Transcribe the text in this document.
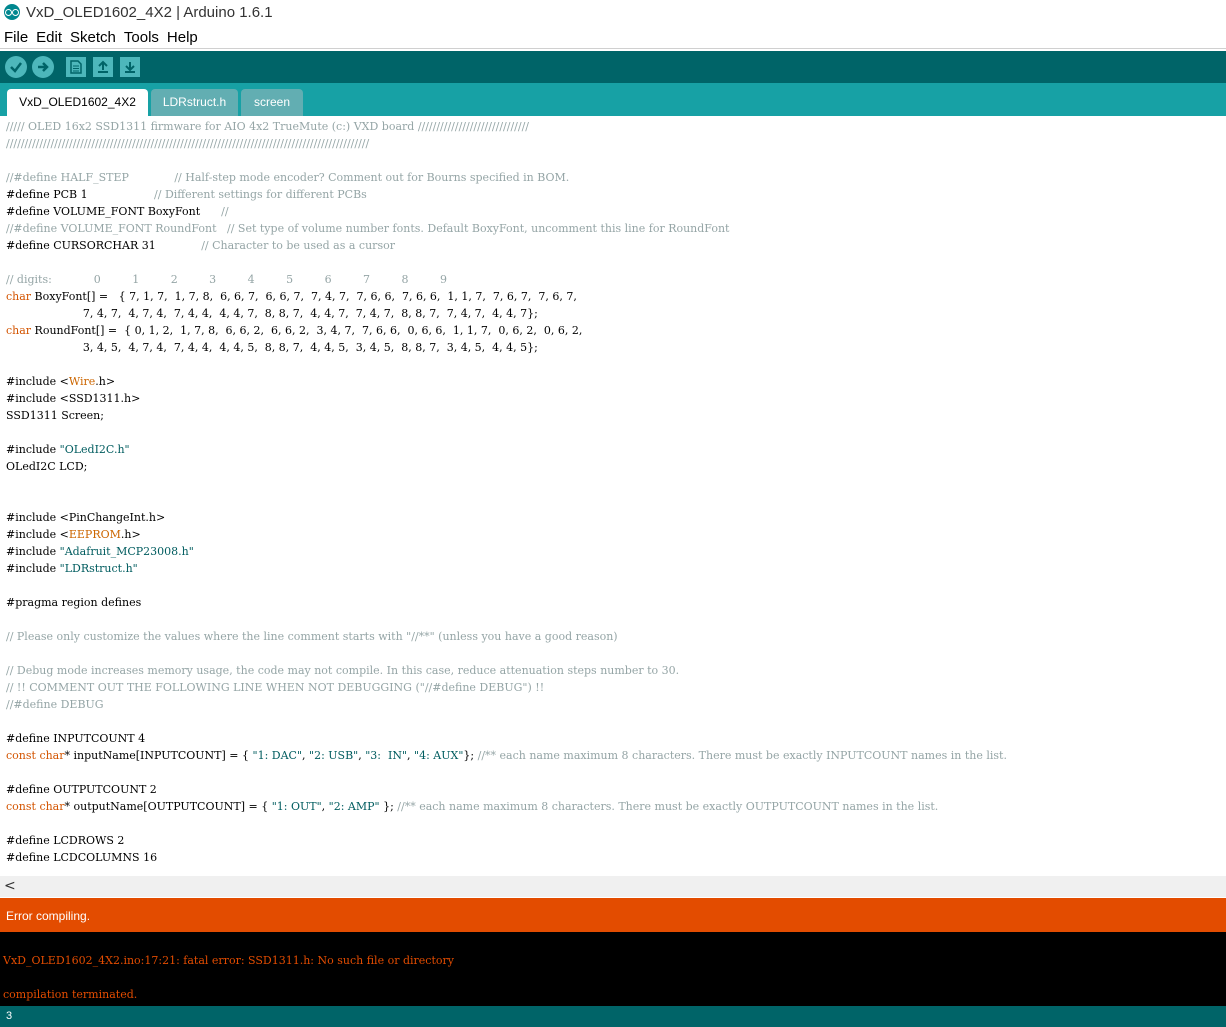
VxD_OLED1602_4X2 | Arduino 1.6.1
File Edit Sketch Tools Help
VxD_OLED1602_4X2	LDRstruct.h	screen
///// OLED 16x2 SSD1311 firmware for AIO 4x2 TrueMute (c:) VXD board //////////////////////////////
//////////////////////////////////////////////////////////////////////////////////////////////////
//#define HALF_STEP             // Half-step mode encoder? Comment out for Bourns specified in BOM.
#define PCB 1                   // Different settings for different PCBs
#define VOLUME_FONT BoxyFont      //
//#define VOLUME_FONT RoundFont   // Set type of volume number fonts. Default BoxyFont, uncomment this line for RoundFont
#define CURSORCHAR 31             // Character to be used as a cursor
// digits:            0         1         2         3         4         5         6         7         8         9
char BoxyFont[] =   { 7, 1, 7,  1, 7, 8,  6, 6, 7,  6, 6, 7,  7, 4, 7,  7, 6, 6,  7, 6, 6,  1, 1, 7,  7, 6, 7,  7, 6, 7,
7, 4, 7,  4, 7, 4,  7, 4, 4,  4, 4, 7,  8, 8, 7,  4, 4, 7,  7, 4, 7,  8, 8, 7,  7, 4, 7,  4, 4, 7};
char RoundFont[] =  { 0, 1, 2,  1, 7, 8,  6, 6, 2,  6, 6, 2,  3, 4, 7,  7, 6, 6,  0, 6, 6,  1, 1, 7,  0, 6, 2,  0, 6, 2,
3, 4, 5,  4, 7, 4,  7, 4, 4,  4, 4, 5,  8, 8, 7,  4, 4, 5,  3, 4, 5,  8, 8, 7,  3, 4, 5,  4, 4, 5};
#include <Wire.h>
#include <SSD1311.h>
SSD1311 Screen;
#include "OLedI2C.h"
OLedI2C LCD;
#include <PinChangeInt.h>
#include <EEPROM.h>
#include "Adafruit_MCP23008.h"
#include "LDRstruct.h"
#pragma region defines
// Please only customize the values where the line comment starts with "//**" (unless you have a good reason)
// Debug mode increases memory usage, the code may not compile. In this case, reduce attenuation steps number to 30.
// !! COMMENT OUT THE FOLLOWING LINE WHEN NOT DEBUGGING ("//#define DEBUG") !!
//#define DEBUG
#define INPUTCOUNT 4
const char* inputName[INPUTCOUNT] = { "1: DAC", "2: USB", "3:  IN", "4: AUX"}; //** each name maximum 8 characters. There must be exactly INPUTCOUNT names in the list.
#define OUTPUTCOUNT 2
const char* outputName[OUTPUTCOUNT] = { "1: OUT", "2: AMP" }; //** each name maximum 8 characters. There must be exactly OUTPUTCOUNT names in the list.
#define LCDROWS 2
#define LCDCOLUMNS 16
<
Error compiling.
VxD_OLED1602_4X2.ino:17:21: fatal error: SSD1311.h: No such file or directory
compilation terminated.
3
